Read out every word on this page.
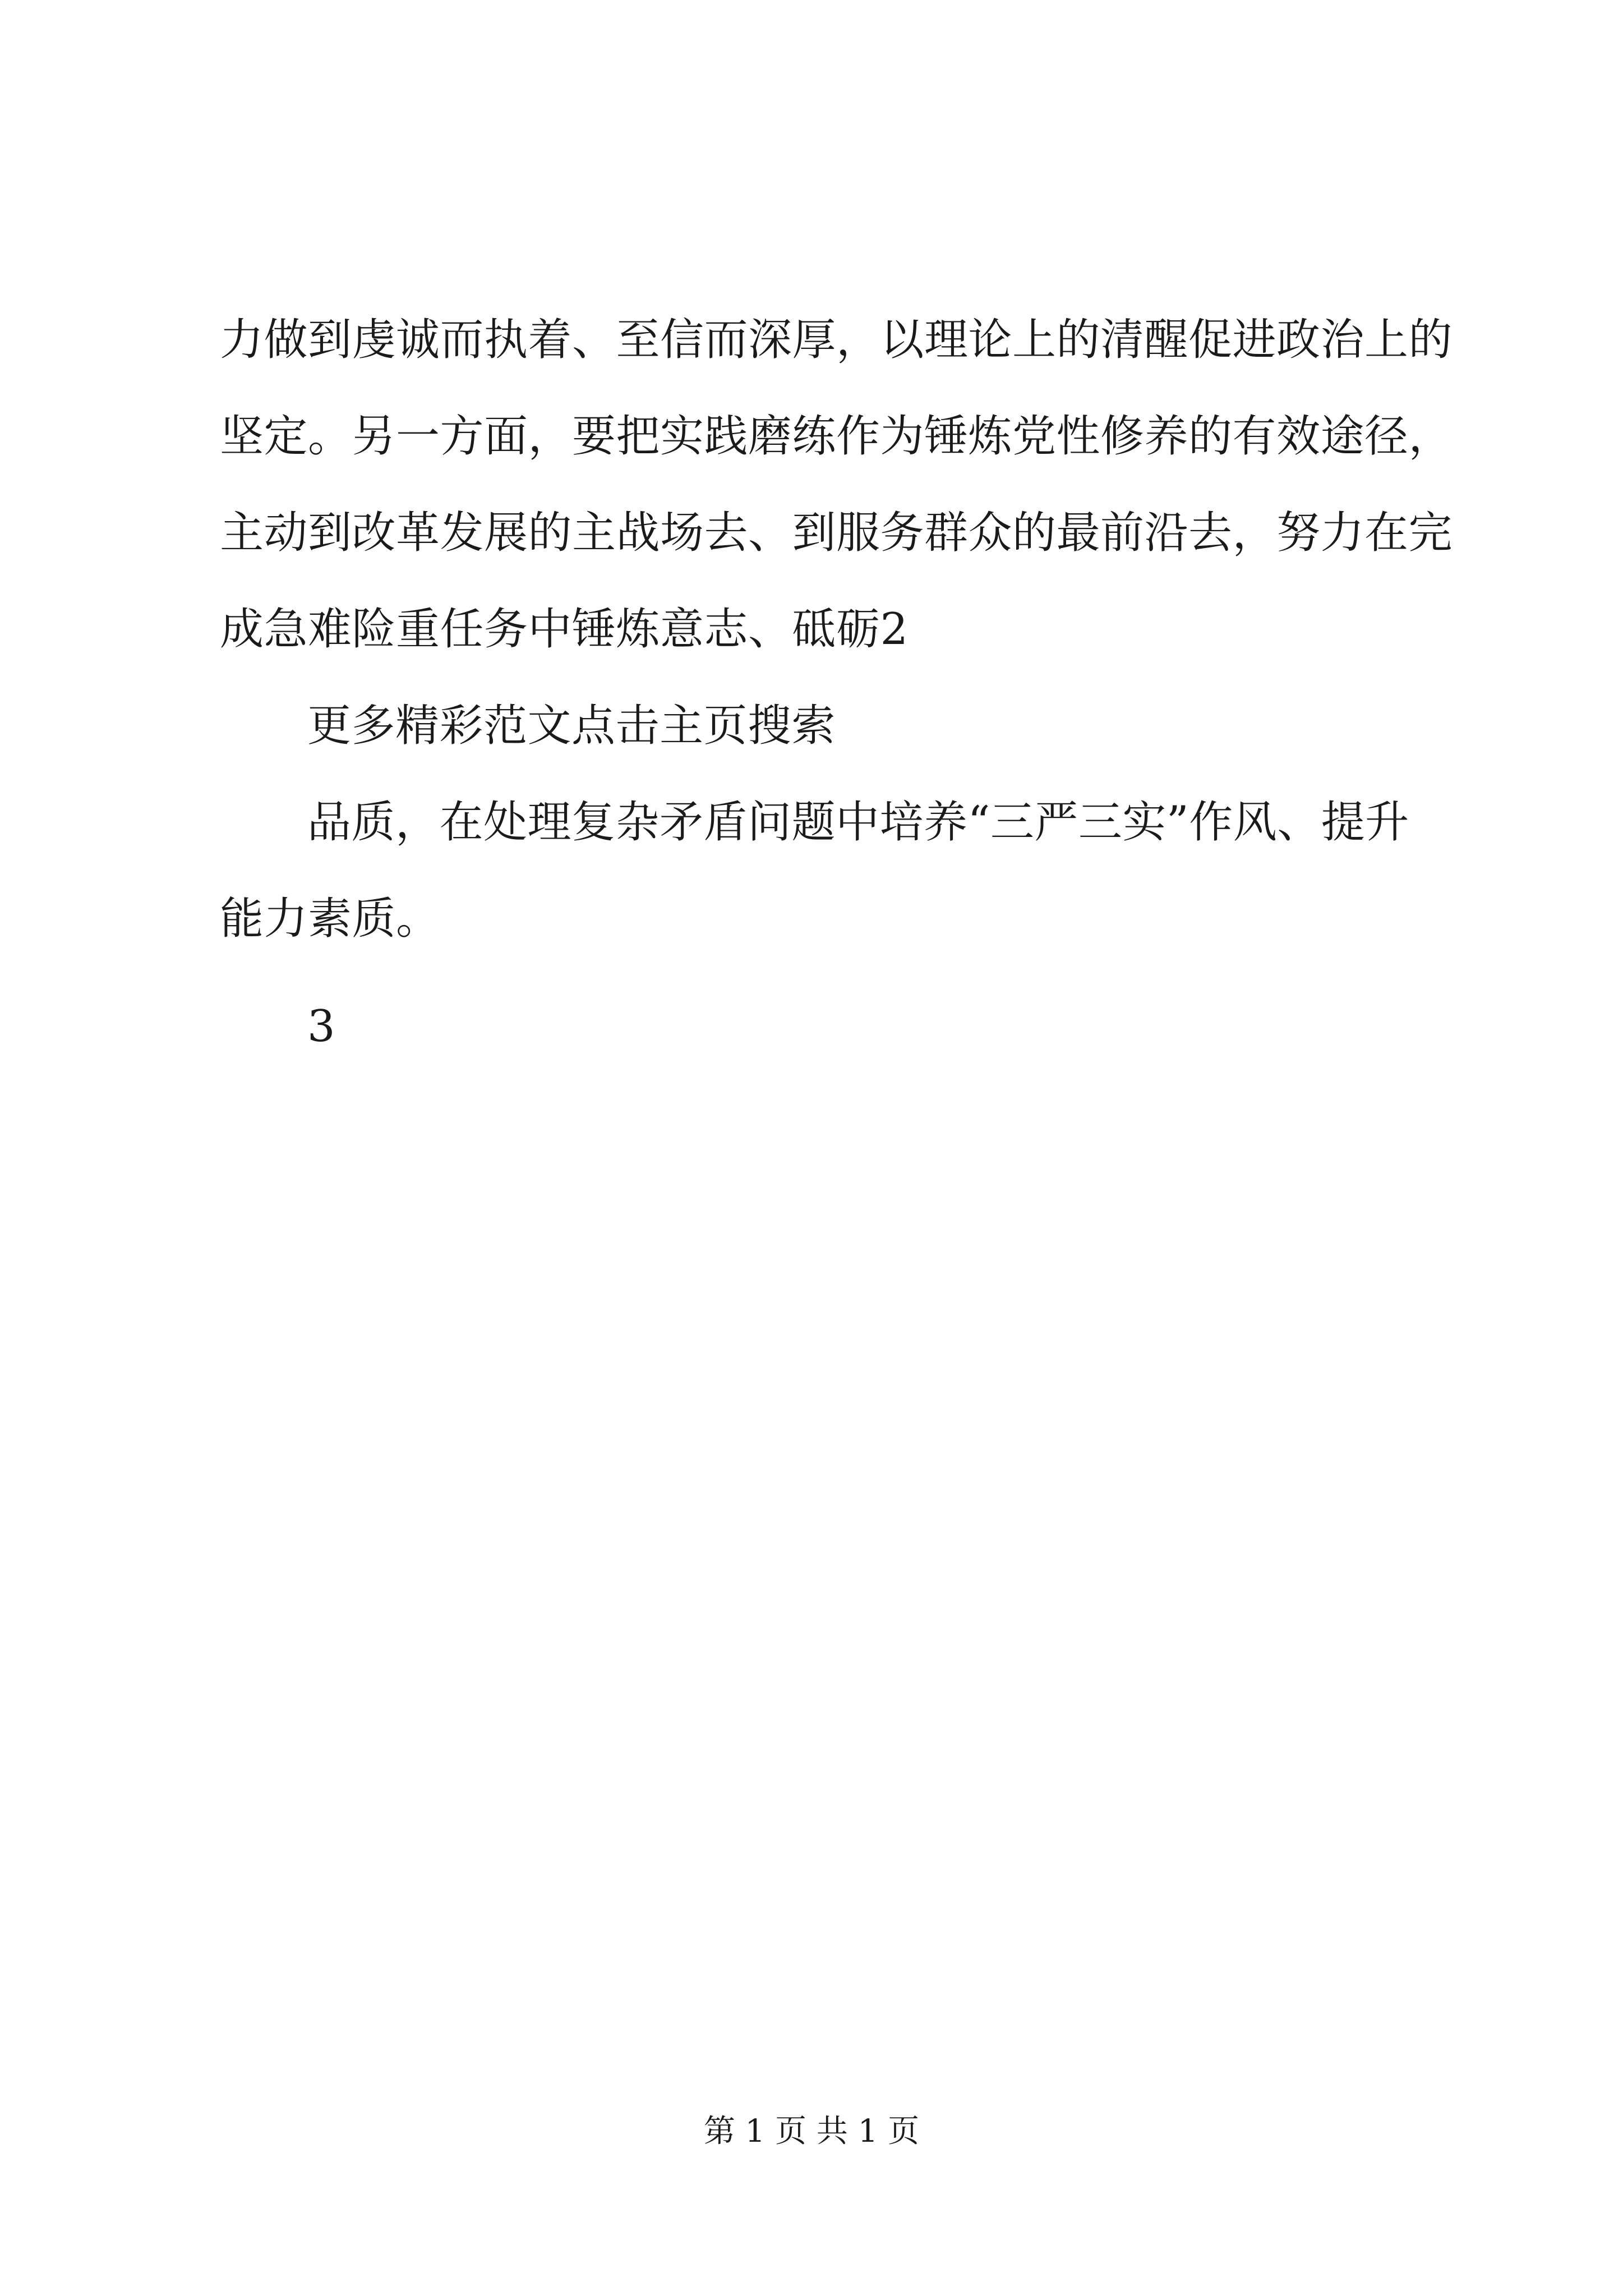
力做到虔诚而执着、至信而深厚，以理论上的清醒促进政治上的
坚定。另一方面，要把实践磨练作为锤炼党性修养的有效途径，
主动到改革发展的主战场去、到服务群众的最前沿去，努力在完
成急难险重任务中锤炼意志、砥砺2
更多精彩范文点击主页搜索
品质，在处理复杂矛盾问题中培养“三严三实”作风、提升
能力素质。
3
第 1 页 共 1 页
